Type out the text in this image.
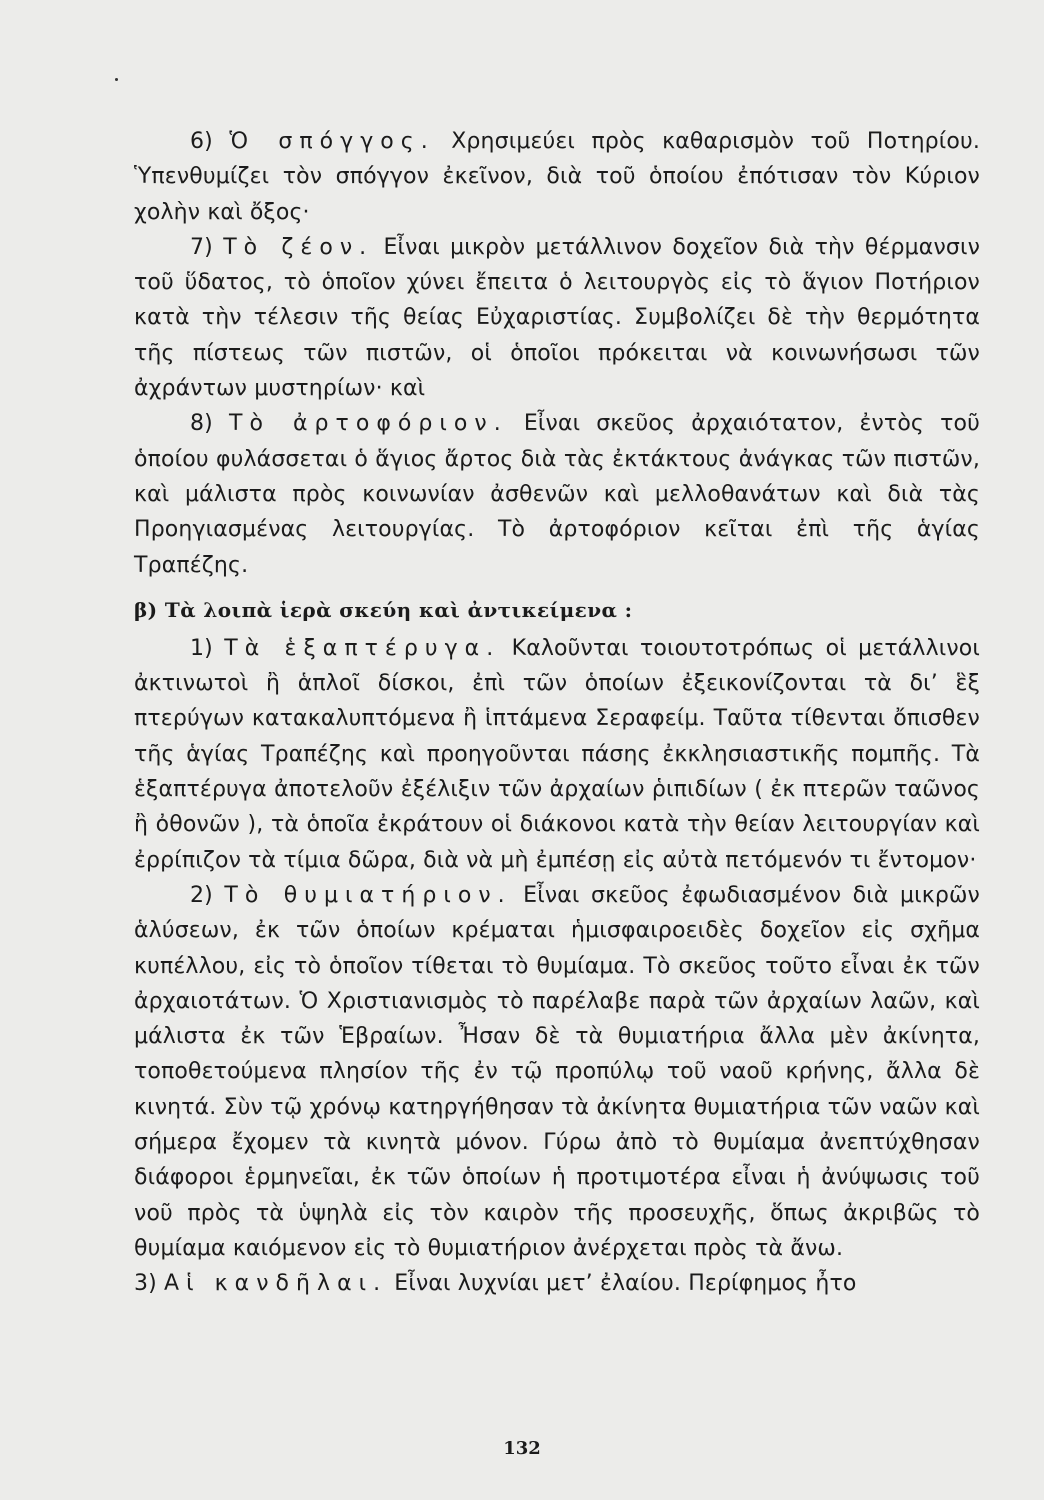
6) Ὁ σπόγγος. Χρησιμεύει πρὸς καθαρισμὸν τοῦ Ποτηρίου. Ὑπενθυμίζει τὸν σπόγγον ἐκεῖνον, διὰ τοῦ ὁποίου ἐπότισαν τὸν Κύριον χολὴν καὶ ὄξος·

7) Τὸ ζέον. Εἶναι μικρὸν μετάλλινον δοχεῖον διὰ τὴν θέρμανσιν τοῦ ὕδατος, τὸ ὁποῖον χύνει ἔπειτα ὁ λειτουργὸς εἰς τὸ ἅγιον Ποτήριον κατὰ τὴν τέλεσιν τῆς θείας Εὐχαριστίας. Συμβολίζει δὲ τὴν θερμότητα τῆς πίστεως τῶν πιστῶν, οἱ ὁποῖοι πρόκειται νὰ κοινωνήσωσι τῶν ἀχράντων μυστηρίων· καὶ

8) Τὸ ἀρτοφόριον. Εἶναι σκεῦος ἀρχαιότατον, ἐντὸς τοῦ ὁποίου φυλάσσεται ὁ ἅγιος ἄρτος διὰ τὰς ἐκτάκτους ἀνάγκας τῶν πιστῶν, καὶ μάλιστα πρὸς κοινωνίαν ἀσθενῶν καὶ μελλοθανάτων καὶ διὰ τὰς Προηγιασμένας λειτουργίας. Τὸ ἀρτοφόριον κεῖται ἐπὶ τῆς ἁγίας Τραπέζης.

β) Τὰ λοιπὰ ἱερὰ σκεύη καὶ ἀντικείμενα :

1) Τὰ ἑξαπτέρυγα. Καλοῦνται τοιουτοτρόπως οἱ μετάλλινοι ἀκτινωτοὶ ἢ ἁπλοῖ δίσκοι, ἐπὶ τῶν ὁποίων ἐξεικονίζονται τὰ δι’ ἓξ πτερύγων κατακαλυπτόμενα ἢ ἱπτάμενα Σεραφείμ. Ταῦτα τίθενται ὄπισθεν τῆς ἁγίας Τραπέζης καὶ προηγοῦνται πάσης ἐκκλησιαστικῆς πομπῆς. Τὰ ἑξαπτέρυγα ἀποτελοῦν ἐξέλιξιν τῶν ἀρχαίων ῥιπιδίων ( ἐκ πτερῶν ταῶνος ἢ ὀθονῶν ), τὰ ὁποῖα ἐκράτουν οἱ διάκονοι κατὰ τὴν θείαν λειτουργίαν καὶ ἐρρίπιζον τὰ τίμια δῶρα, διὰ νὰ μὴ ἐμπέσῃ εἰς αὐτὰ πετόμενόν τι ἔντομον·

2) Τὸ θυμιατήριον. Εἶναι σκεῦος ἐφωδιασμένον διὰ μικρῶν ἁλύσεων, ἐκ τῶν ὁποίων κρέμαται ἡμισφαιροειδὲς δοχεῖον εἰς σχῆμα κυπέλλου, εἰς τὸ ὁποῖον τίθεται τὸ θυμίαμα. Τὸ σκεῦος τοῦτο εἶναι ἐκ τῶν ἀρχαιοτάτων. Ὁ Χριστιανισμὸς τὸ παρέλαβε παρὰ τῶν ἀρχαίων λαῶν, καὶ μάλιστα ἐκ τῶν Ἑβραίων. Ἦσαν δὲ τὰ θυμιατήρια ἄλλα μὲν ἀκίνητα, τοποθετούμενα πλησίον τῆς ἐν τῷ προπύλῳ τοῦ ναοῦ κρήνης, ἄλλα δὲ κινητά. Σὺν τῷ χρόνῳ κατηργήθησαν τὰ ἀκίνητα θυμιατήρια τῶν ναῶν καὶ σήμερα ἔχομεν τὰ κινητὰ μόνον. Γύρω ἀπὸ τὸ θυμίαμα ἀνεπτύχθησαν διάφοροι ἑρμηνεῖαι, ἐκ τῶν ὁποίων ἡ προτιμοτέρα εἶναι ἡ ἀνύψωσις τοῦ νοῦ πρὸς τὰ ὑψηλὰ εἰς τὸν καιρὸν τῆς προσευχῆς, ὅπως ἀκριβῶς τὸ θυμίαμα καιόμενον εἰς τὸ θυμιατήριον ἀνέρχεται πρὸς τὰ ἄνω.

3) Αἱ κανδῆλαι. Εἶναι λυχνίαι μετ’ ἐλαίου. Περίφημος ἦτο

132
